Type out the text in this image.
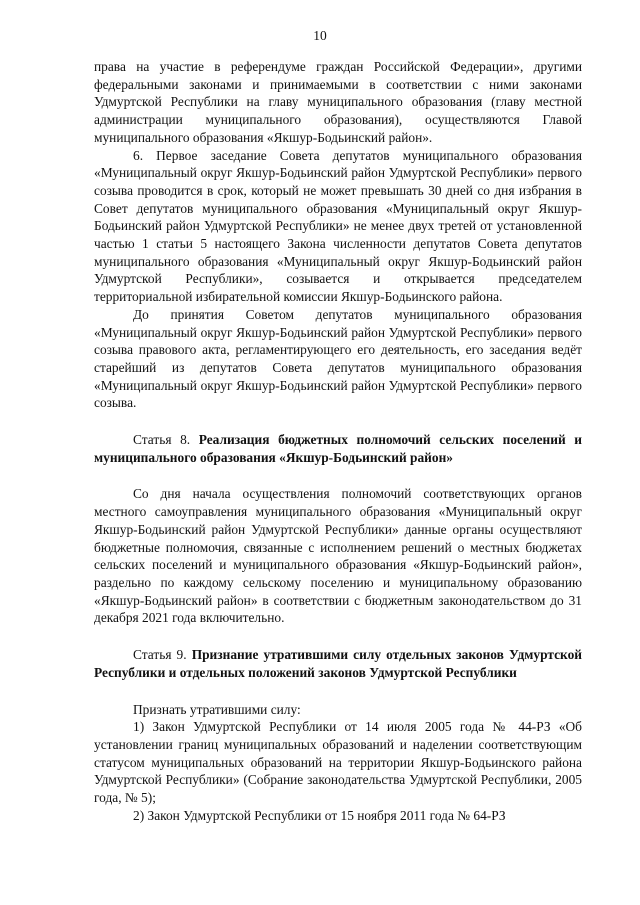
10

права на участие в референдуме граждан Российской Федерации», другими федеральными законами и принимаемыми в соответствии с ними законами Удмуртской Республики на главу муниципального образования (главу местной администрации муниципального образования), осуществляются Главой муниципального образования «Якшур-Бодьинский район».

6. Первое заседание Совета депутатов муниципального образования «Муниципальный округ Якшур-Бодьинский район Удмуртской Республики» первого созыва проводится в срок, который не может превышать 30 дней со дня избрания в Совет депутатов муниципального образования «Муниципальный округ Якшур-Бодьинский район Удмуртской Республики» не менее двух третей от установленной частью 1 статьи 5 настоящего Закона численности депутатов Совета депутатов муниципального образования «Муниципальный округ Якшур-Бодьинский район Удмуртской Республики», созывается и открывается председателем территориальной избирательной комиссии Якшур-Бодьинского района.

До принятия Советом депутатов муниципального образования «Муниципальный округ Якшур-Бодьинский район Удмуртской Республики» первого созыва правового акта, регламентирующего его деятельность, его заседания ведёт старейший из депутатов Совета депутатов муниципального образования «Муниципальный округ Якшур-Бодьинский район Удмуртской Республики» первого созыва.

Статья 8. Реализация бюджетных полномочий сельских поселений и муниципального образования «Якшур-Бодьинский район»

Со дня начала осуществления полномочий соответствующих органов местного самоуправления муниципального образования «Муниципальный округ Якшур-Бодьинский район Удмуртской Республики» данные органы осуществляют бюджетные полномочия, связанные с исполнением решений о местных бюджетах сельских поселений и муниципального образования «Якшур-Бодьинский район», раздельно по каждому сельскому поселению и муниципальному образованию «Якшур-Бодьинский район» в соответствии с бюджетным законодательством до 31 декабря 2021 года включительно.

Статья 9. Признание утратившими силу отдельных законов Удмуртской Республики и отдельных положений законов Удмуртской Республики

Признать утратившими силу:

1) Закон Удмуртской Республики от 14 июля 2005 года № 44-РЗ «Об установлении границ муниципальных образований и наделении соответствующим статусом муниципальных образований на территории Якшур-Бодьинского района Удмуртской Республики» (Собрание законодательства Удмуртской Республики, 2005 года, № 5);

2) Закон Удмуртской Республики от 15 ноября 2011 года № 64-РЗ
